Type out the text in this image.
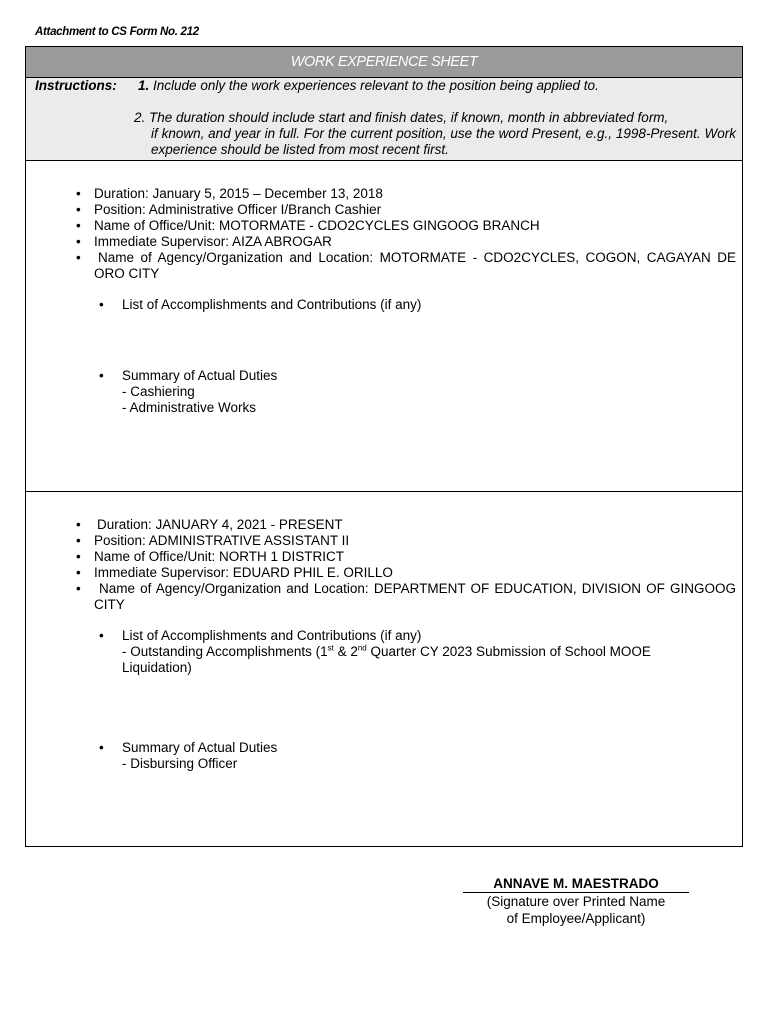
Attachment to CS Form No. 212
WORK EXPERIENCE SHEET
Instructions: 1. Include only the work experiences relevant to the position being applied to.
2. The duration should include start and finish dates, if known, month in abbreviated form,
if known, and year in full. For the current position, use the word Present, e.g., 1998-Present. Work experience should be listed from most recent first.
• Duration: January 5, 2015 – December 13, 2018
• Position: Administrative Officer I/Branch Cashier
• Name of Office/Unit: MOTORMATE - CDO2CYCLES GINGOOG BRANCH
• Immediate Supervisor: AIZA ABROGAR
•	Name of Agency/Organization and Location: MOTORMATE - CDO2CYCLES, COGON, CAGAYAN DE ORO CITY
•	List of Accomplishments and Contributions (if any)
•	Summary of Actual Duties
- Cashiering
- Administrative Works
•	Duration: JANUARY 4, 2021 - PRESENT
• Position: ADMINISTRATIVE ASSISTANT II
• Name of Office/Unit: NORTH 1 DISTRICT
• Immediate Supervisor: EDUARD PHIL E. ORILLO
•	Name of Agency/Organization and Location: DEPARTMENT OF EDUCATION, DIVISION OF GINGOOG CITY
•	List of Accomplishments and Contributions (if any)
- Outstanding Accomplishments (1st & 2nd Quarter CY 2023 Submission of School MOOE Liquidation)
•	Summary of Actual Duties
- Disbursing Officer
ANNAVE M. MAESTRADO
(Signature over Printed Name
of Employee/Applicant)
